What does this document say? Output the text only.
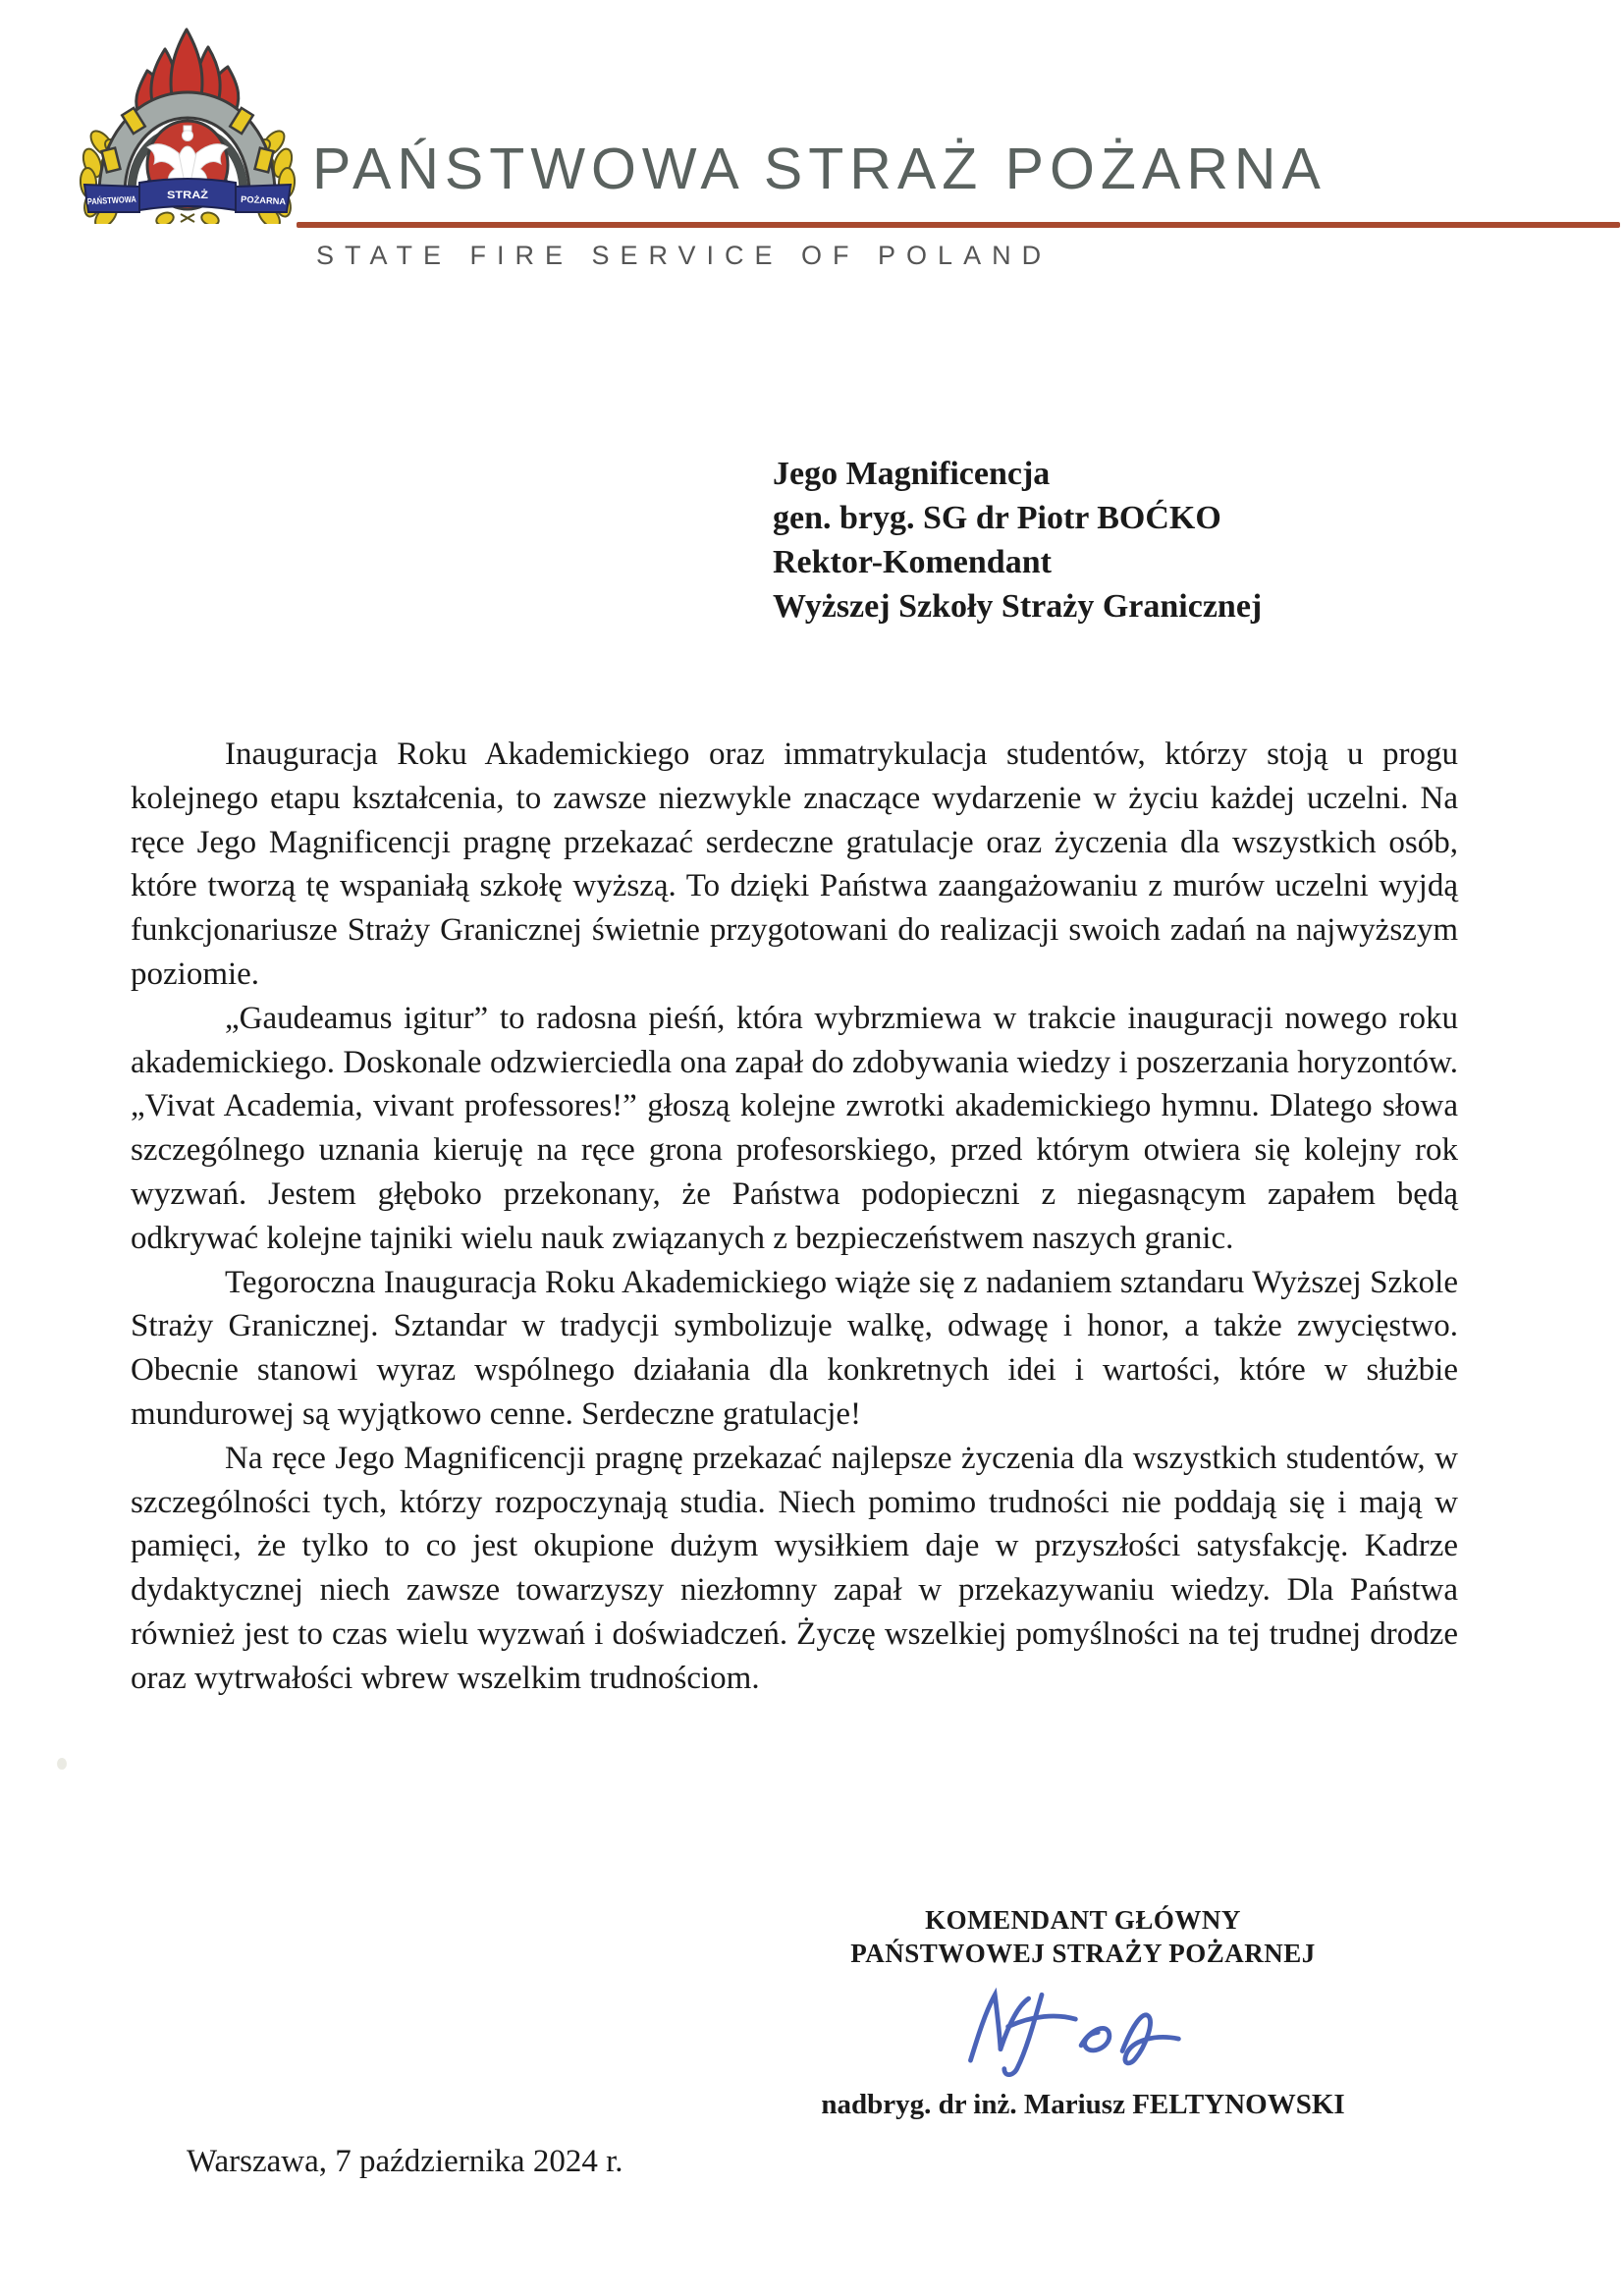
PAŃSTWOWA STRAŻ	POŻARNA PAŃSTWOWA STRAŻ POŻARNA
STATE FIRE SERVICE OF POLAND
Jego Magnificencja
gen. bryg. SG dr Piotr BOĆKO
Rektor-Komendant
Wyższej Szkoły Straży Granicznej

Inauguracja Roku Akademickiego oraz immatrykulacja studentów, którzy stoją u progu kolejnego etapu kształcenia, to zawsze niezwykle znaczące wydarzenie w życiu każdej uczelni. Na ręce Jego Magnificencji pragnę przekazać serdeczne gratulacje oraz życzenia dla wszystkich osób, które tworzą tę wspaniałą szkołę wyższą. To dzięki Państwa zaangażowaniu z murów uczelni wyjdą funkcjonariusze Straży Granicznej świetnie przygotowani do realizacji swoich zadań na najwyższym poziomie.

„Gaudeamus igitur” to radosna pieśń, która wybrzmiewa w trakcie inauguracji nowego roku akademickiego. Doskonale odzwierciedla ona zapał do zdobywania wiedzy i poszerzania horyzontów. „Vivat Academia, vivant professores!” głoszą kolejne zwrotki akademickiego hymnu. Dlatego słowa szczególnego uznania kieruję na ręce grona profesorskiego, przed którym otwiera się kolejny rok wyzwań. Jestem głęboko przekonany, że Państwa podopieczni z niegasnącym zapałem będą odkrywać kolejne tajniki wielu nauk związanych z bezpieczeństwem naszych granic.

Tegoroczna Inauguracja Roku Akademickiego wiąże się z nadaniem sztandaru Wyższej Szkole Straży Granicznej. Sztandar w tradycji symbolizuje walkę, odwagę i honor, a także zwycięstwo. Obecnie stanowi wyraz wspólnego działania dla konkretnych idei i wartości, które w służbie mundurowej są wyjątkowo cenne. Serdeczne gratulacje!

Na ręce Jego Magnificencji pragnę przekazać najlepsze życzenia dla wszystkich studentów, w szczególności tych, którzy rozpoczynają studia. Niech pomimo trudności nie poddają się i mają w pamięci, że tylko to co jest okupione dużym wysiłkiem daje w przyszłości satysfakcję. Kadrze dydaktycznej niech zawsze towarzyszy niezłomny zapał w przekazywaniu wiedzy. Dla Państwa również jest to czas wielu wyzwań i doświadczeń. Życzę wszelkiej pomyślności na tej trudnej drodze oraz wytrwałości wbrew wszelkim trudnościom.

KOMENDANT GŁÓWNY
PAŃSTWOWEJ STRAŻY POŻARNEJ
nadbryg. dr inż. Mariusz FELTYNOWSKI
Warszawa, 7 października 2024 r.
